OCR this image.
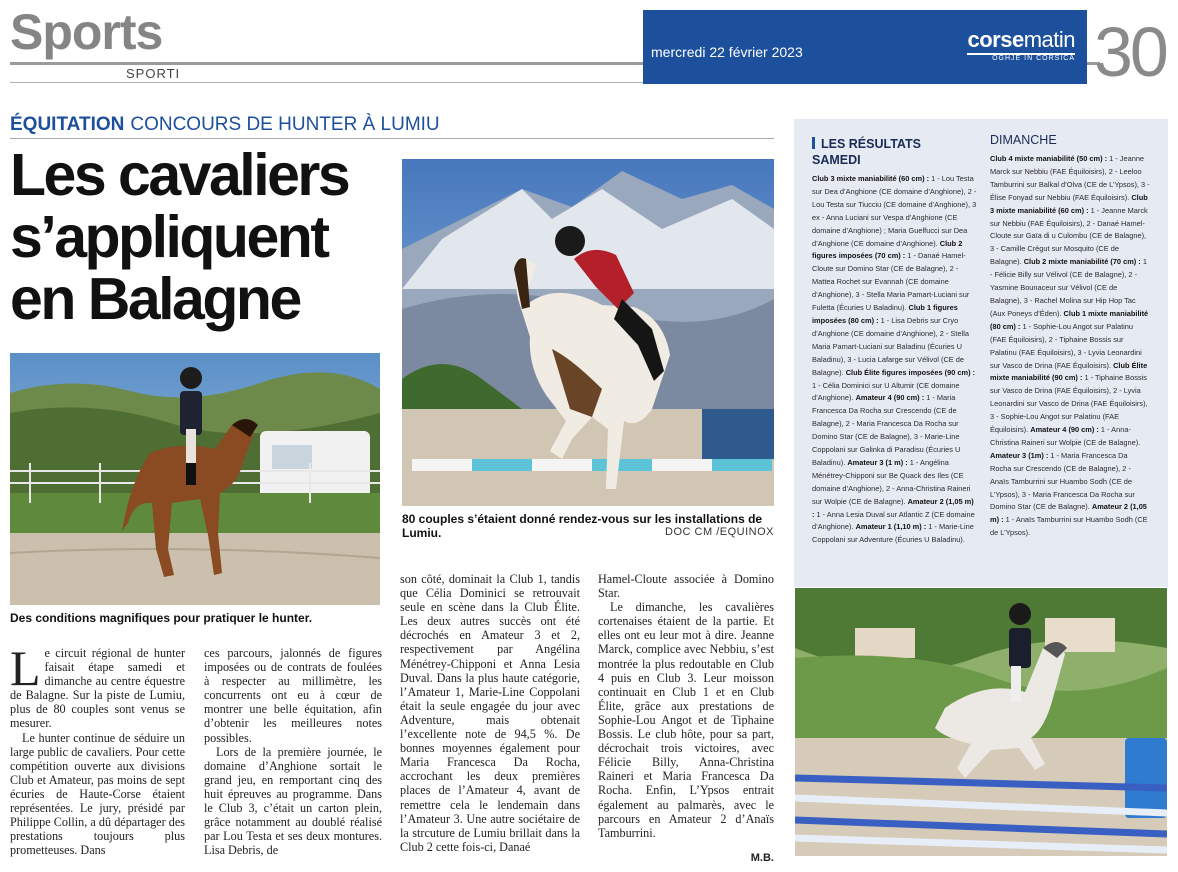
Sports
SPORTI
mercredi 22 février 2023	corsematin
OGHJE IN CORSICA 30
ÉQUITATION CONCOURS DE HUNTER À LUMIU
Les cavaliers
s’appliquent
en Balagne
Des conditions magnifiques pour pratiquer le hunter.
80 couples s’étaient donné rendez-vous sur les installations de Lumiu.	DOC CM /EQUINOX

Le circuit régional de hunter faisait étape samedi et dimanche au centre équestre de Balagne. Sur la piste de Lumiu, plus de 80 couples sont venus se mesurer.

Le hunter continue de séduire un large public de cavaliers. Pour cette compétition ouverte aux divisions Club et Amateur, pas moins de sept écuries de Haute-Corse étaient représentées. Le jury, présidé par Philippe Collin, a dû départager des prestations toujours plus prometteuses. Dans

ces parcours, jalonnés de figures imposées ou de contrats de foulées à respecter au millimètre, les concurrents ont eu à cœur de montrer une belle équitation, afin d’obtenir les meilleures notes possibles.

Lors de la première journée, le domaine d’Anghione sortait le grand jeu, en remportant cinq des huit épreuves au programme. Dans le Club 3, c’était un carton plein, grâce notamment au doublé réalisé par Lou Testa et ses deux montures. Lisa Debris, de

son côté, dominait la Club 1, tandis que Célia Dominici se retrouvait seule en scène dans la Club Élite. Les deux autres succès ont été décrochés en Amateur 3 et 2, respectivement par Angélina Ménétrey-Chipponi et Anna Lesia Duval. Dans la plus haute catégorie, l’Amateur 1, Marie-Line Coppolani était la seule engagée du jour avec Adventure, mais obtenait l’excellente note de 94,5 %. De bonnes moyennes également pour Maria Francesca Da Rocha, accrochant les deux premières places de l’Amateur 4, avant de remettre cela le lendemain dans l’Amateur 3. Une autre sociétaire de la strcuture de Lumiu brillait dans la Club 2 cette fois-ci, Danaé

Hamel-Cloute associée à Domino Star.

Le dimanche, les cavalières cortenaises étaient de la partie. Et elles ont eu leur mot à dire. Jeanne Marck, complice avec Nebbiu, s’est montrée la plus redoutable en Club 4 puis en Club 3. Leur moisson continuait en Club 1 et en Club Élite, grâce aux prestations de Sophie-Lou Angot et de Tiphaine Bossis. Le club hôte, pour sa part, décrochait trois victoires, avec Félicie Billy, Anna-Christina Raineri et Maria Francesca Da Rocha. Enfin, L’Ypsos entrait également au palmarès, avec le parcours en Amateur 2 d’Anaïs Tamburrini.

M.B.
LES RÉSULTATS
SAMEDI
DIMANCHE
Club 3 mixte maniabilité (60 cm) : 1 - Lou Testa sur Dea d’Anghione (CE domaine d’Anghione), 2 - Lou Testa sur Tiucciu (CE domaine d’Anghione), 3 ex - Anna Luciani sur Vespa d’Anghione (CE domaine d’Anghione) ; Maria Guelfucci sur Dea d’Anghione (CE domaine d’Anghione). Club 2 figures imposées (70 cm) : 1 - Danaé Hamel-Cloute sur Domino Star (CE de Balagne), 2 - Mattea Rochet sur Evannah (CE domaine d’Anghione), 3 - Stella Maria Pamart-Luciani sur Fuletta (Écuries U Baladinu). Club 1 figures imposées (80 cm) : 1 - Lisa Debris sur Cryo d’Anghione (CE domaine d’Anghione), 2 - Stella Maria Pamart-Luciani sur Baladinu (Écuries U Baladinu), 3 - Lucia Lafarge sur Vélivol (CE de Balagne). Club Élite figures imposées (90 cm) : 1 - Célia Dominici sur U Altumir (CE domaine d’Anghione). Amateur 4 (90 cm) : 1 - Maria Francesca Da Rocha sur Crescendo (CE de Balagne), 2 - Maria Francesca Da Rocha sur Domino Star (CE de Balagne), 3 - Marie-Line Coppolani sur Galinka di Paradisu (Écuries U Baladinu). Amateur 3 (1 m) : 1 - Angélina Ménétrey-Chipponi sur Be Quack des Iles (CE domaine d’Anghione), 2 - Anna-Christina Raineri sur Wolpie (CE de Balagne). Amateur 2 (1,05 m) : 1 - Anna Lesia Duval sur Atlantic Z (CE domaine d’Anghione). Amateur 1 (1,10 m) : 1 - Marie-Line Coppolani sur Adventure (Écuries U Baladinu).
Club 4 mixte maniabilité (50 cm) : 1 - Jeanne Marck sur Nebbiu (FAE Équiloisirs), 2 - Leeloo Tamburrini sur Balkal d’Olva (CE de L’Ypsos), 3 - Élise Fonyad sur Nebbiu (FAE Équiloisirs). Club 3 mixte maniabilité (60 cm) : 1 - Jeanne Marck sur Nebbiu (FAE Équiloisirs), 2 - Danaé Hamel-Cloute sur Gaïa di u Culombu (CE de Balagne), 3 - Camille Crégut sur Mosquito (CE de Balagne). Club 2 mixte maniabilité (70 cm) : 1 - Félicie Billy sur Vélivol (CE de Balagne), 2 - Yasmine Bounaceur sur Vélivol (CE de Balagne), 3 - Rachel Molina sur Hip Hop Tac (Aux Poneys d’Éden). Club 1 mixte maniabilité (80 cm) : 1 - Sophie-Lou Angot sur Palatinu (FAE Équiloisirs), 2 - Tiphaine Bossis sur Palatinu (FAE Équiloisirs), 3 - Lyvia Leonardini sur Vasco de Drina (FAE Équiloisirs). Club Élite mixte maniabilité (90 cm) : 1 - Tiphaine Bossis sur Vasco de Drina (FAE Équiloisirs), 2 - Lyvia Leonardini sur Vasco de Drina (FAE Équiloisirs), 3 - Sophie-Lou Angot sur Palatinu (FAE Équiloisirs). Amateur 4 (90 cm) : 1 - Anna-Christina Raineri sur Wolpie (CE de Balagne). Amateur 3 (1m) : 1 - Maria Francesca Da Rocha sur Crescendo (CE de Balagne), 2 - Anaïs Tamburrini sur Huambo Sodh (CE de L’Ypsos), 3 - Maria Francesca Da Rocha sur Domino Star (CE de Balagne). Amateur 2 (1,05 m) : 1 - Anaïs Tamburrini sur Huambo Sodh (CE de L’Ypsos).
